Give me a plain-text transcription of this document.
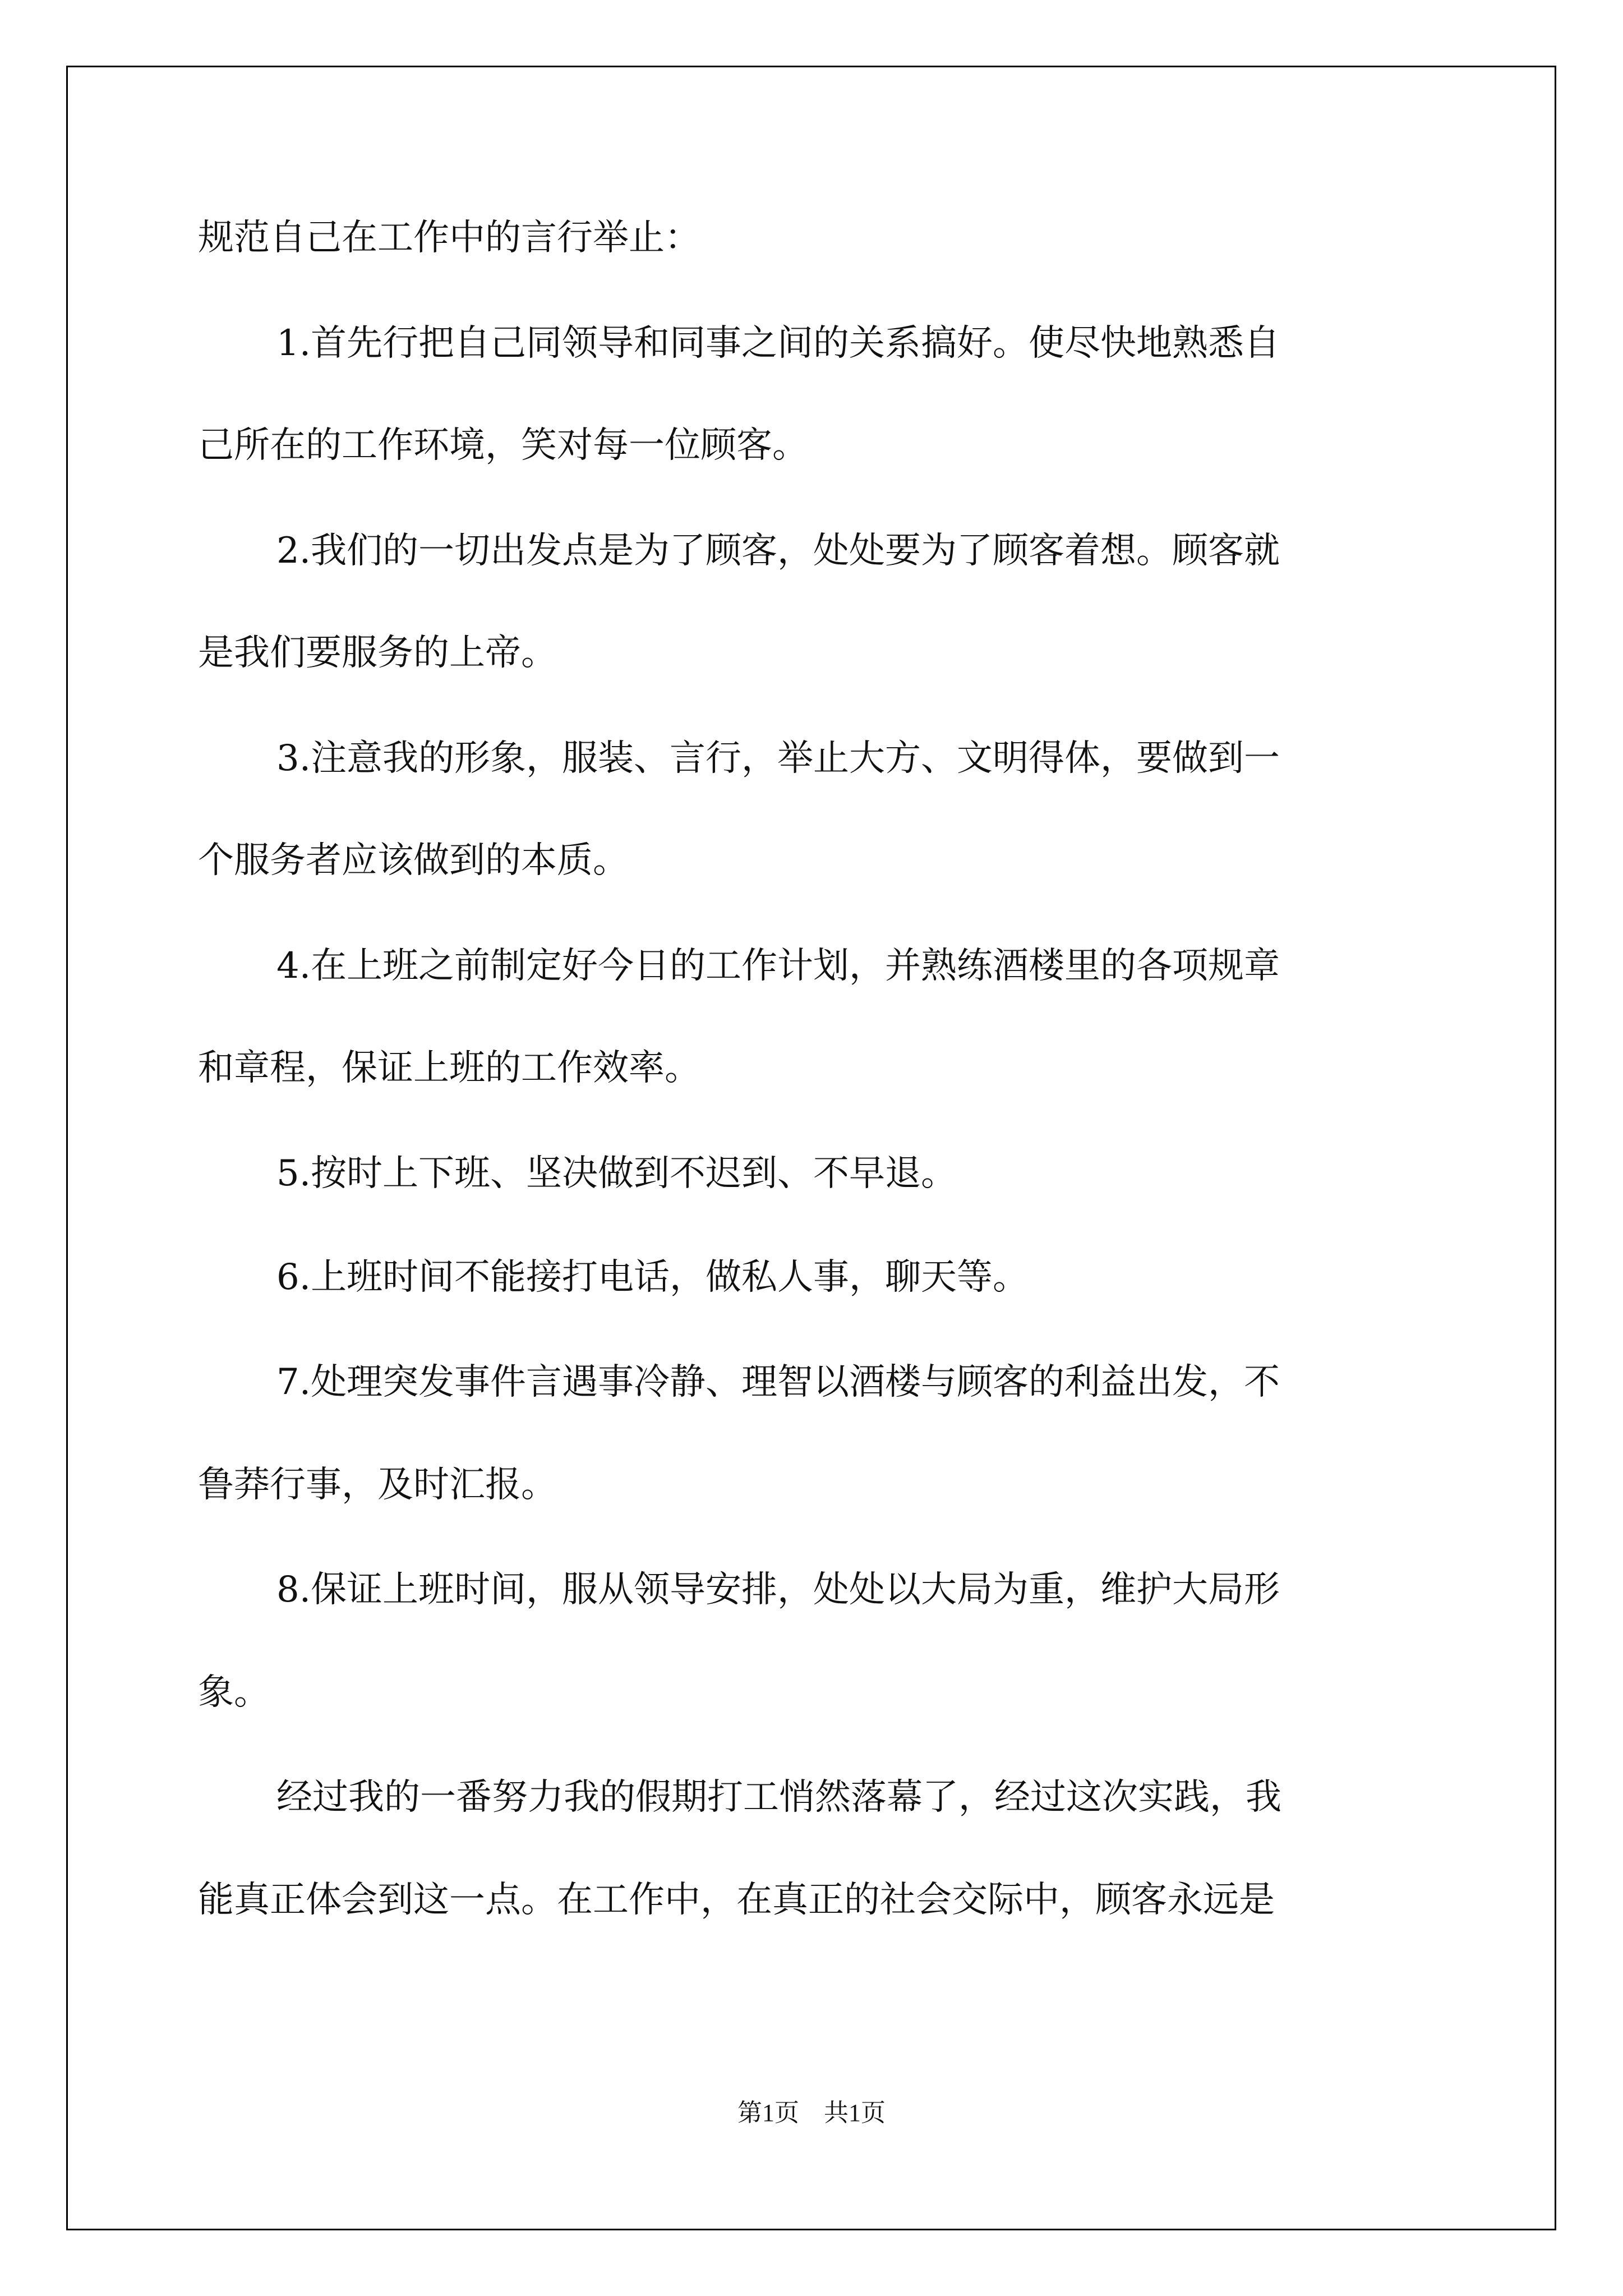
规范自己在工作中的言行举止：
1.首先行把自己同领导和同事之间的关系搞好。使尽快地熟悉自
己所在的工作环境，笑对每一位顾客。
2.我们的一切出发点是为了顾客，处处要为了顾客着想。顾客就
是我们要服务的上帝。
3.注意我的形象，服装、言行，举止大方、文明得体，要做到一
个服务者应该做到的本质。
4.在上班之前制定好今日的工作计划，并熟练酒楼里的各项规章
和章程，保证上班的工作效率。
5.按时上下班、坚决做到不迟到、不早退。
6.上班时间不能接打电话，做私人事，聊天等。
7.处理突发事件言遇事冷静、理智以酒楼与顾客的利益出发，不
鲁莽行事，及时汇报。
8.保证上班时间，服从领导安排，处处以大局为重，维护大局形
象。
经过我的一番努力我的假期打工悄然落幕了，经过这次实践，我
能真正体会到这一点。在工作中，在真正的社会交际中，顾客永远是
第1页　共1页
